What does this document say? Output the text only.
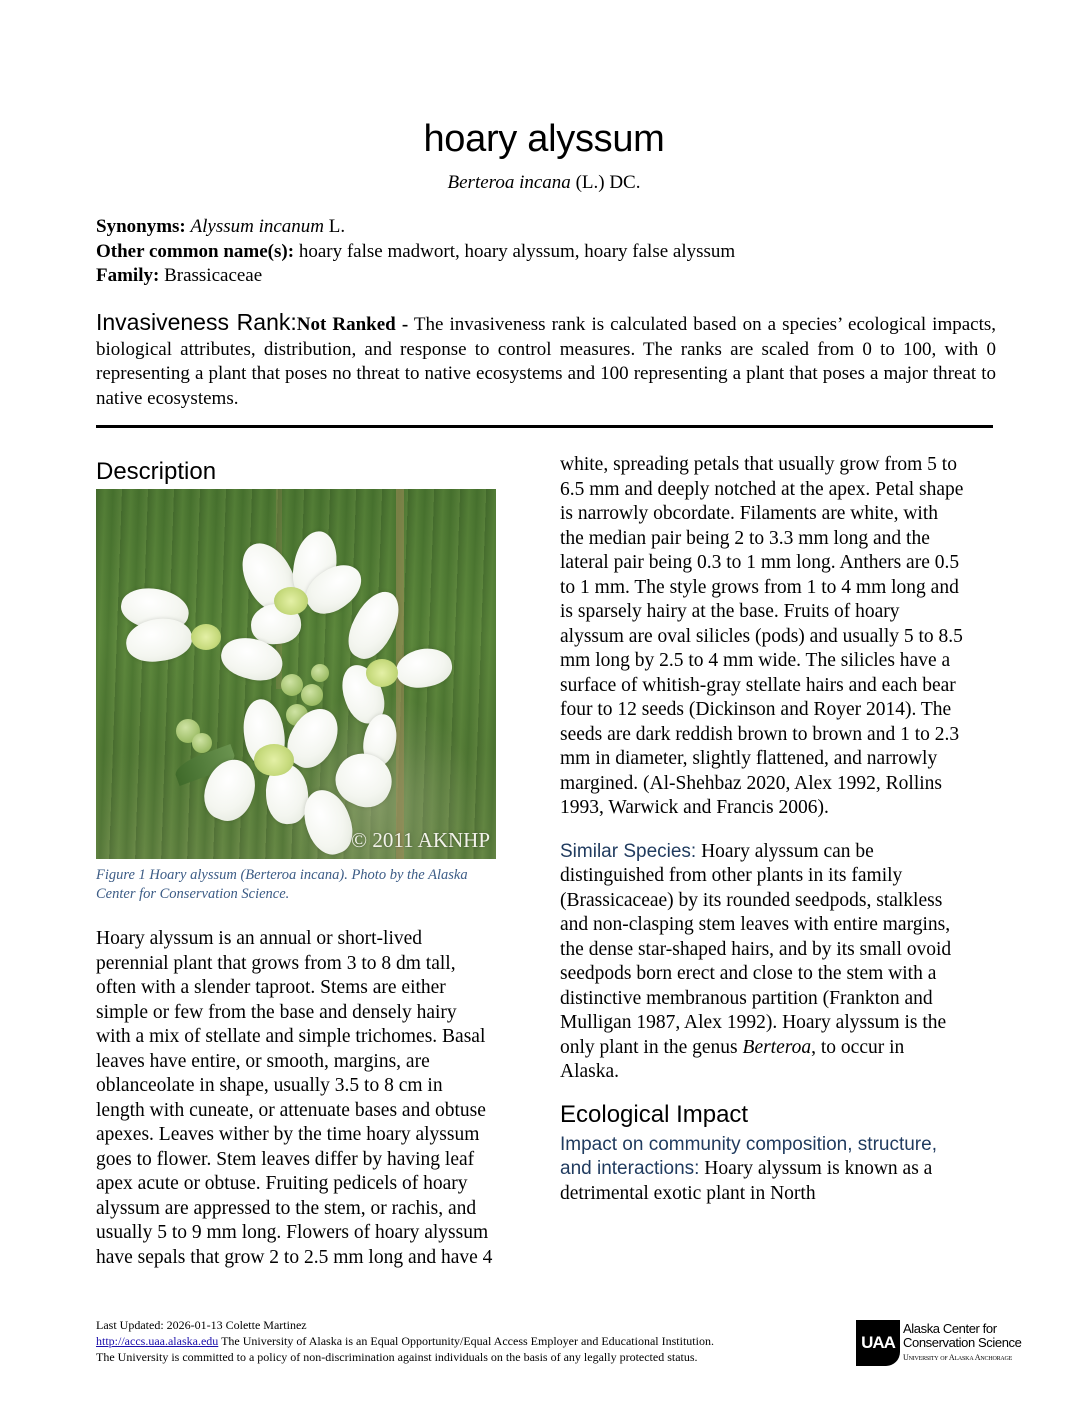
hoary alyssum
Berteroa incana (L.) DC.
Synonyms: Alyssum incanum L.
Other common name(s): hoary false madwort, hoary alyssum, hoary false alyssum
Family: Brassicaceae
Invasiveness Rank:Not Ranked - The invasiveness rank is calculated based on a species’ ecological impacts, biological attributes, distribution, and response to control measures. The ranks are scaled from 0 to 100, with 0 representing a plant that poses no threat to native ecosystems and 100 representing a plant that poses a major threat to native ecosystems.
Description
© 2011 AKNHP
Figure 1 Hoary alyssum (Berteroa incana). Photo by the Alaska Center for Conservation Science.
Hoary alyssum is an annual or short-lived perennial plant that grows from 3 to 8 dm tall, often with a slender taproot. Stems are either simple or few from the base and densely hairy with a mix of stellate and simple trichomes. Basal leaves have entire, or smooth, margins, are oblanceolate in shape, usually 3.5 to 8 cm in length with cuneate, or attenuate bases and obtuse apexes. Leaves wither by the time hoary alyssum goes to flower. Stem leaves differ by having leaf apex acute or obtuse. Fruiting pedicels of hoary alyssum are appressed to the stem, or rachis, and usually 5 to 9 mm long. Flowers of hoary alyssum have sepals that grow 2 to 2.5 mm long and have 4
white, spreading petals that usually grow from 5 to 6.5 mm and deeply notched at the apex. Petal shape is narrowly obcordate. Filaments are white, with the median pair being 2 to 3.3 mm long and the lateral pair being 0.3 to 1 mm long. Anthers are 0.5 to 1 mm. The style grows from 1 to 4 mm long and is sparsely hairy at the base. Fruits of hoary alyssum are oval silicles (pods) and usually 5 to 8.5 mm long by 2.5 to 4 mm wide. The silicles have a surface of whitish-gray stellate hairs and each bear four to 12 seeds (Dickinson and Royer 2014). The seeds are dark reddish brown to brown and 1 to 2.3 mm in diameter, slightly flattened, and narrowly margined. (Al-Shehbaz 2020, Alex 1992, Rollins 1993, Warwick and Francis 2006).
Similar Species: Hoary alyssum can be distinguished from other plants in its family (Brassicaceae) by its rounded seedpods, stalkless and non-clasping stem leaves with entire margins, the dense star-shaped hairs, and by its small ovoid seedpods born erect and close to the stem with a distinctive membranous partition (Frankton and Mulligan 1987, Alex 1992). Hoary alyssum is the only plant in the genus Berteroa, to occur in Alaska.
Ecological Impact
Impact on community composition, structure, and interactions: Hoary alyssum is known as a detrimental exotic plant in North
Last Updated: 2026-01-13 Colette Martinez
http://accs.uaa.alaska.edu The University of Alaska is an Equal Opportunity/Equal Access Employer and Educational Institution. The University is committed to a policy of non-discrimination against individuals on the basis of any legally protected status.
UAA
Alaska Center for
Conservation Science
University of Alaska Anchorage
